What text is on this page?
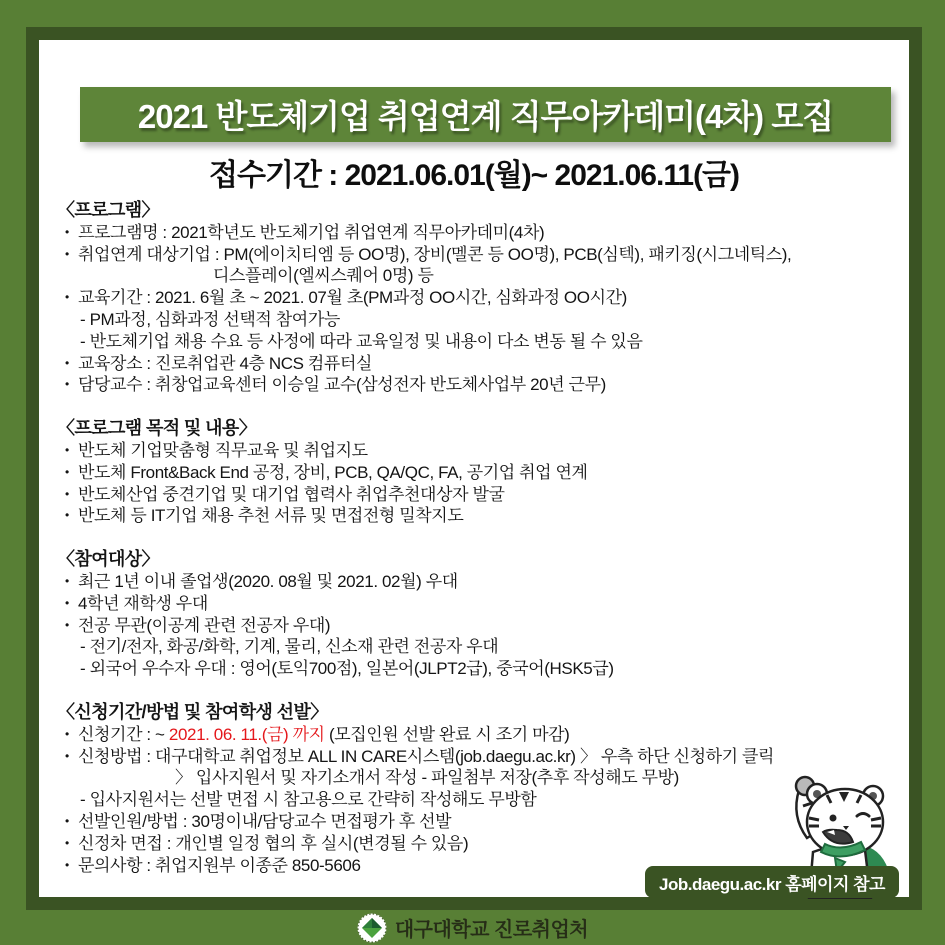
2021 반도체기업 취업연계 직무아카데미(4차) 모집
접수기간 : 2021.06.01(월)~ 2021.06.11(금)
〈프로그램〉
• 프로그램명 : 2021학년도 반도체기업 취업연계 직무아카데미(4차)
• 취업연계 대상기업 : PM(에이치티엠 등 OO명), 장비(멜콘 등 OO명), PCB(심텍), 패키징(시그네틱스),
디스플레이(엘씨스퀘어 0명) 등
• 교육기간 : 2021. 6월 초 ~ 2021. 07월 초(PM과정 OO시간, 심화과정 OO시간)
- PM과정, 심화과정 선택적 참여가능
- 반도체기업 채용 수요 등 사정에 따라 교육일정 및 내용이 다소 변동 될 수 있음
• 교육장소 : 진로취업관 4층 NCS 컴퓨터실
• 담당교수 : 취창업교육센터 이승일 교수(삼성전자 반도체사업부 20년 근무)
〈프로그램 목적 및 내용〉
• 반도체 기업맞춤형 직무교육 및 취업지도
• 반도체 Front&Back End 공정, 장비, PCB, QA/QC, FA, 공기업 취업 연계
• 반도체산업 중견기업 및 대기업 협력사 취업추천대상자 발굴
• 반도체 등 IT기업 채용 추천 서류 및 면접전형 밀착지도
〈참여대상〉
• 최근 1년 이내 졸업생(2020. 08월 및 2021. 02월) 우대
• 4학년 재학생 우대
• 전공 무관(이공계 관련 전공자 우대)
- 전기/전자, 화공/화학, 기계, 물리, 신소재 관련 전공자 우대
- 외국어 우수자 우대 : 영어(토익700점), 일본어(JLPT2급), 중국어(HSK5급)
〈신청기간/방법 및 참여학생 선발〉
• 신청기간 : ~ 2021. 06. 11.(금) 까지 (모집인원 선발 완료 시 조기 마감)
• 신청방법 : 대구대학교 취업정보 ALL IN CARE시스템(job.daegu.ac.kr) 〉 우측 하단 신청하기 클릭
〉 입사지원서 및 자기소개서 작성 - 파일첨부 저장(추후 작성해도 무방)
- 입사지원서는 선발 면접 시 참고용으로 간략히 작성해도 무방함
• 선발인원/방법 : 30명이내/담당교수 면접평가 후 선발
• 신정차 면접 : 개인별 일정 협의 후 실시(변경될 수 있음)
• 문의사항 : 취업지원부 이종준 850-5606
Job.daegu.ac.kr 홈페이지 참고
대구대학교 진로취업처
